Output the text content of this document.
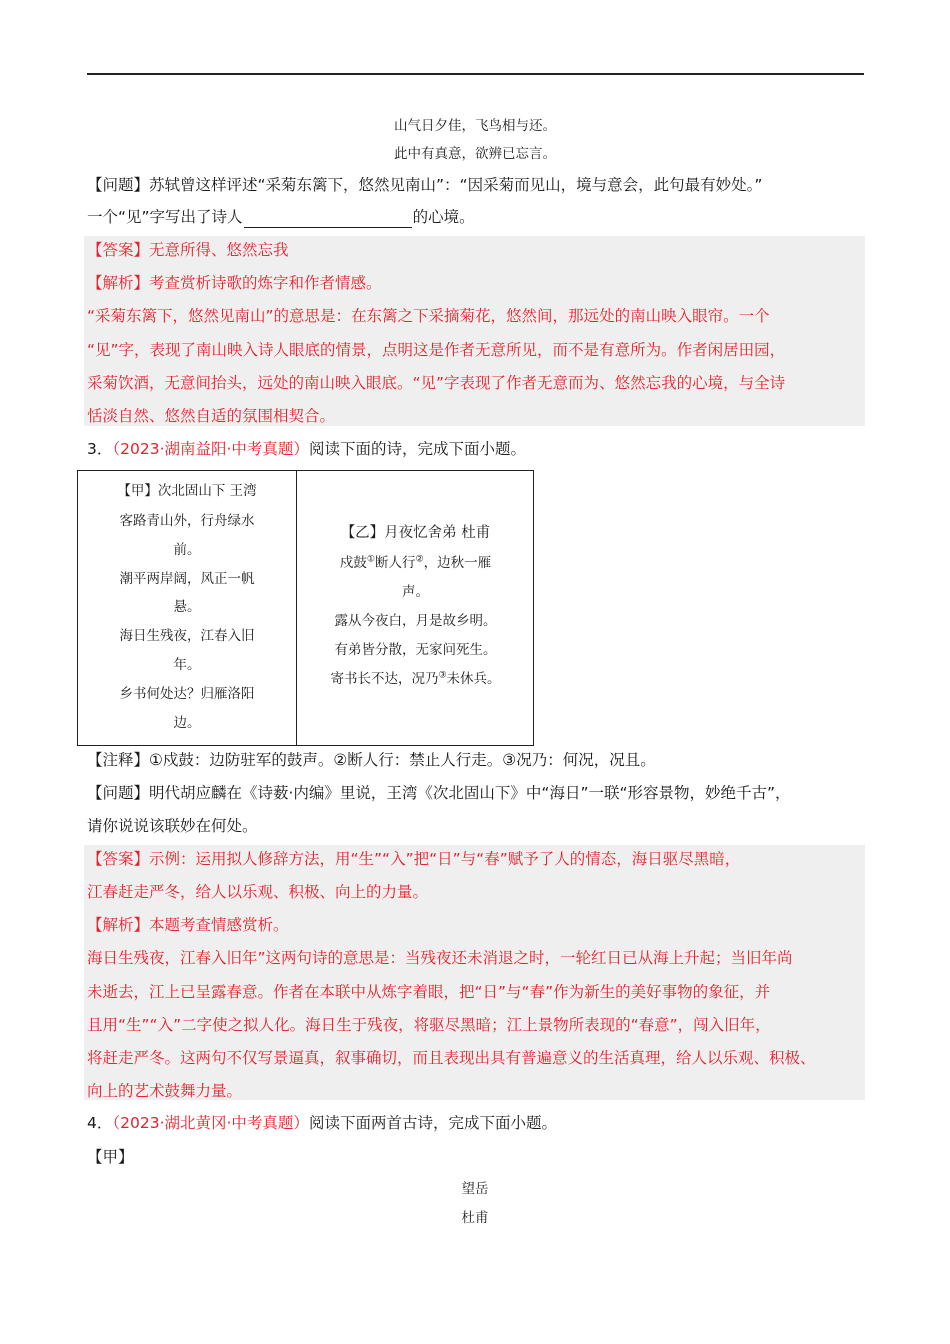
山气日夕佳，飞鸟相与还。
此中有真意，欲辨已忘言。
【问题】苏轼曾这样评述“采菊东篱下，悠然见南山”：“因采菊而见山，境与意会，此句最有妙处。”
一个“见”字写出了诗人	的心境。
【答案】无意所得、悠然忘我
【解析】考查赏析诗歌的炼字和作者情感。
“采菊东篱下，悠然见南山”的意思是：在东篱之下采摘菊花，悠然间，那远处的南山映入眼帘。一个
“见”字，表现了南山映入诗人眼底的情景，点明这是作者无意所见，而不是有意所为。作者闲居田园，
采菊饮酒，无意间抬头，远处的南山映入眼底。“见”字表现了作者无意而为、悠然忘我的心境，与全诗
恬淡自然、悠然自适的氛围相契合。
3．（2023·湖南益阳·中考真题）阅读下面的诗，完成下面小题。
【甲】次北固山下 王湾
客路青山外，行舟绿水
前。
潮平两岸阔，风正一帆
悬。
海日生残夜，江春入旧
年。
乡书何处达？归雁洛阳
边。
【乙】月夜忆舍弟 杜甫
戍鼓①断人行②，边秋一雁
声。
露从今夜白，月是故乡明。
有弟皆分散，无家问死生。
寄书长不达，况乃③未休兵。
【注释】①戍鼓：边防驻军的鼓声。②断人行：禁止人行走。③况乃：何况，况且。
【问题】明代胡应麟在《诗薮·内编》里说，王湾《次北固山下》中“海日”一联“形容景物，妙绝千古”，
请你说说该联妙在何处。
【答案】示例：运用拟人修辞方法，用“生”“入”把“日”与“春”赋予了人的情态，海日驱尽黑暗，
江春赶走严冬，给人以乐观、积极、向上的力量。
【解析】本题考查情感赏析。
海日生残夜，江春入旧年”这两句诗的意思是：当残夜还未消退之时，一轮红日已从海上升起；当旧年尚
未逝去，江上已呈露春意。作者在本联中从炼字着眼，把“日”与“春”作为新生的美好事物的象征，并
且用“生”“入”二字使之拟人化。海日生于残夜，将驱尽黑暗；江上景物所表现的“春意”，闯入旧年，
将赶走严冬。这两句不仅写景逼真，叙事确切，而且表现出具有普遍意义的生活真理，给人以乐观、积极、
向上的艺术鼓舞力量。
4．（2023·湖北黄冈·中考真题）阅读下面两首古诗，完成下面小题。
【甲】
望岳
杜甫
